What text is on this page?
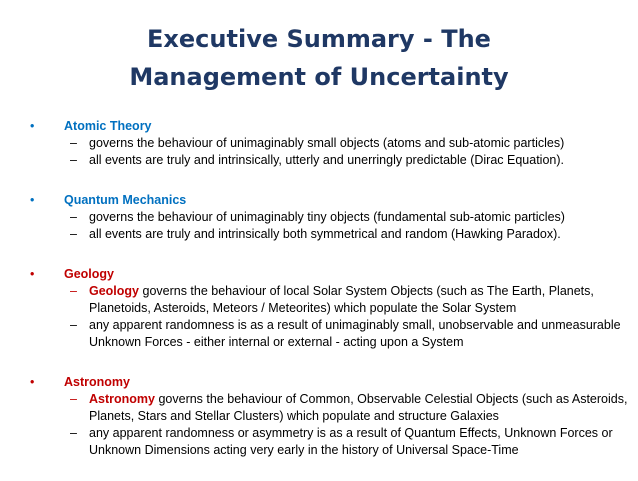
Executive Summary - The
Management of Uncertainty
• Atomic Theory
– governs the behaviour of unimaginably small objects (atoms and sub-atomic particles)
– all events are truly and intrinsically, utterly and unerringly predictable (Dirac Equation).
• Quantum Mechanics
– governs the behaviour of unimaginably tiny objects (fundamental sub-atomic particles)
– all events are truly and intrinsically both symmetrical and random (Hawking Paradox).
• Geology
– Geology governs the behaviour of local Solar System Objects (such as The Earth, Planets, Planetoids, Asteroids, Meteors / Meteorites) which populate the Solar System
– any apparent randomness is as a result of unimaginably small, unobservable and unmeasurable Unknown Forces - either internal or external - acting upon a System
• Astronomy
– Astronomy governs the behaviour of Common, Observable Celestial Objects (such as Asteroids, Planets, Stars and Stellar Clusters) which populate and structure Galaxies
– any apparent randomness or asymmetry is as a result of Quantum Effects, Unknown Forces or Unknown Dimensions acting very early in the history of Universal Space-Time
